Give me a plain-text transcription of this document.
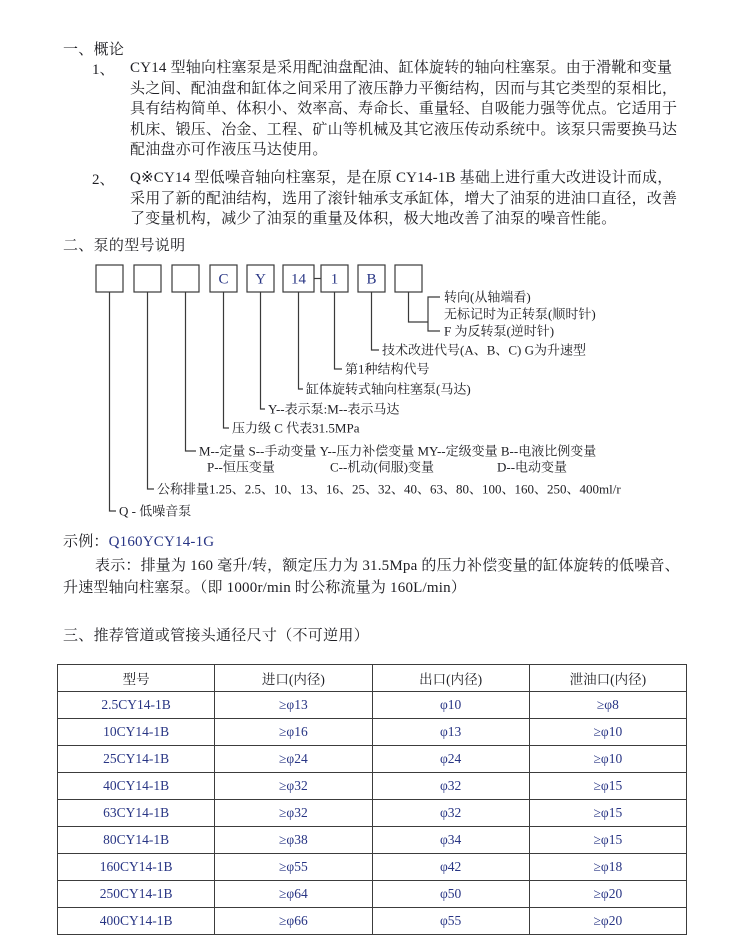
一、概论
1、 CY14 型轴向柱塞泵是采用配油盘配油、缸体旋转的轴向柱塞泵。由于滑靴和变量
头之间、配油盘和缸体之间采用了液压静力平衡结构，因而与其它类型的泵相比，
具有结构简单、体积小、效率高、寿命长、重量轻、自吸能力强等优点。它适用于
机床、锻压、冶金、工程、矿山等机械及其它液压传动系统中。该泵只需要换马达
配油盘亦可作液压马达使用。
2、 Q※CY14 型低噪音轴向柱塞泵，是在原 CY14-1B 基础上进行重大改进设计而成，
采用了新的配油结构，选用了滚针轴承支承缸体，增大了油泵的进油口直径，改善
了变量机构，减少了油泵的重量及体积，极大地改善了油泵的噪音性能。
二、泵的型号说明
C Y 14 1 B
转向(从轴端看)
无标记时为正转泵(顺时针)
F 为反转泵(逆时针)
技术改进代号(A、B、C) G为升速型
第1种结构代号
缸体旋转式轴向柱塞泵(马达)
Y--表示泵:M--表示马达
压力级 C 代表31.5MPa
M--定量 S--手动变量 Y--压力补偿变量 MY--定级变量 B--电液比例变量
P--恒压变量	C--机动(伺服)变量	D--电动变量
公称排量1.25、2.5、10、13、16、25、32、40、63、80、100、160、250、400ml/r
Q - 低噪音泵
示例：Q160YCY14-1G
表示：排量为 160 毫升/转，额定压力为 31.5Mpa 的压力补偿变量的缸体旋转的低噪音、
升速型轴向柱塞泵。（即 1000r/min 时公称流量为 160L/min）
三、推荐管道或管接头通径尺寸（不可逆用）
型号	进口(内径)	出口(内径)	泄油口(内径)
2.5CY14-1B	≥φ13	φ10	≥φ8
10CY14-1B	≥φ16	φ13	≥φ10
25CY14-1B	≥φ24	φ24	≥φ10
40CY14-1B	≥φ32	φ32	≥φ15
63CY14-1B	≥φ32	φ32	≥φ15
80CY14-1B	≥φ38	φ34	≥φ15
160CY14-1B	≥φ55	φ42	≥φ18
250CY14-1B	≥φ64	φ50	≥φ20
400CY14-1B	≥φ66	φ55	≥φ20
